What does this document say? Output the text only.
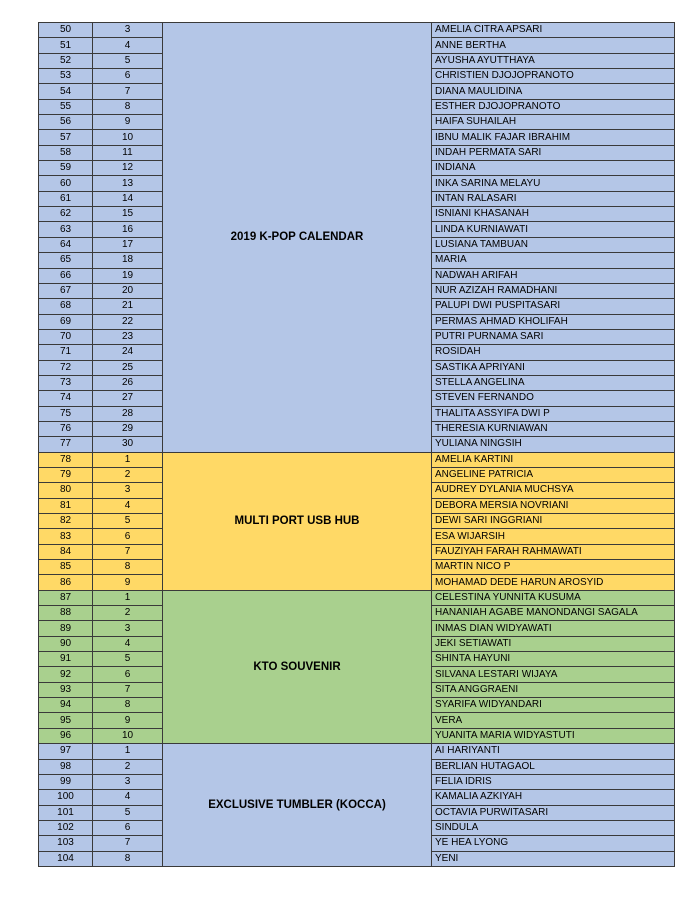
50	3	2019 K-POP CALENDAR	AMELIA CITRA APSARI
51	4		ANNE BERTHA
52	5		AYUSHA AYUTTHAYA
53	6		CHRISTIEN DJOJOPRANOTO
54	7		DIANA MAULIDINA
55	8		ESTHER DJOJOPRANOTO
56	9		HAIFA SUHAILAH
57	10		IBNU MALIK FAJAR IBRAHIM
58	11		INDAH PERMATA SARI
59	12		INDIANA
60	13		INKA SARINA MELAYU
61	14		INTAN RALASARI
62	15		ISNIANI KHASANAH
63	16		LINDA KURNIAWATI
64	17		LUSIANA TAMBUAN
65	18		MARIA
66	19		NADWAH ARIFAH
67	20		NUR AZIZAH RAMADHANI
68	21		PALUPI DWI PUSPITASARI
69	22		PERMAS AHMAD KHOLIFAH
70	23		PUTRI PURNAMA SARI
71	24		ROSIDAH
72	25		SASTIKA APRIYANI
73	26		STELLA ANGELINA
74	27		STEVEN FERNANDO
75	28		THALITA ASSYIFA DWI P
76	29		THERESIA KURNIAWAN
77	30		YULIANA NINGSIH
78	1	MULTI PORT USB HUB	AMELIA KARTINI
79	2		ANGELINE PATRICIA
80	3		AUDREY DYLANIA MUCHSYA
81	4		DEBORA MERSIA NOVRIANI
82	5		DEWI SARI INGGRIANI
83	6		ESA WIJARSIH
84	7		FAUZIYAH FARAH RAHMAWATI
85	8		MARTIN NICO P
86	9		MOHAMAD DEDE HARUN AROSYID
87	1	KTO SOUVENIR	CELESTINA YUNNITA KUSUMA
88	2		HANANIAH AGABE MANONDANGI SAGALA
89	3		INMAS DIAN WIDYAWATI
90	4		JEKI SETIAWATI
91	5		SHINTA HAYUNI
92	6		SILVANA LESTARI WIJAYA
93	7		SITA ANGGRAENI
94	8		SYARIFA WIDYANDARI
95	9		VERA
96	10		YUANITA MARIA WIDYASTUTI
97	1	EXCLUSIVE TUMBLER (KOCCA)	AI HARIYANTI
98	2		BERLIAN HUTAGAOL
99	3		FELIA IDRIS
100	4		KAMALIA AZKIYAH
101	5		OCTAVIA PURWITASARI
102	6		SINDULA
103	7		YE HEA LYONG
104	8		YENI
